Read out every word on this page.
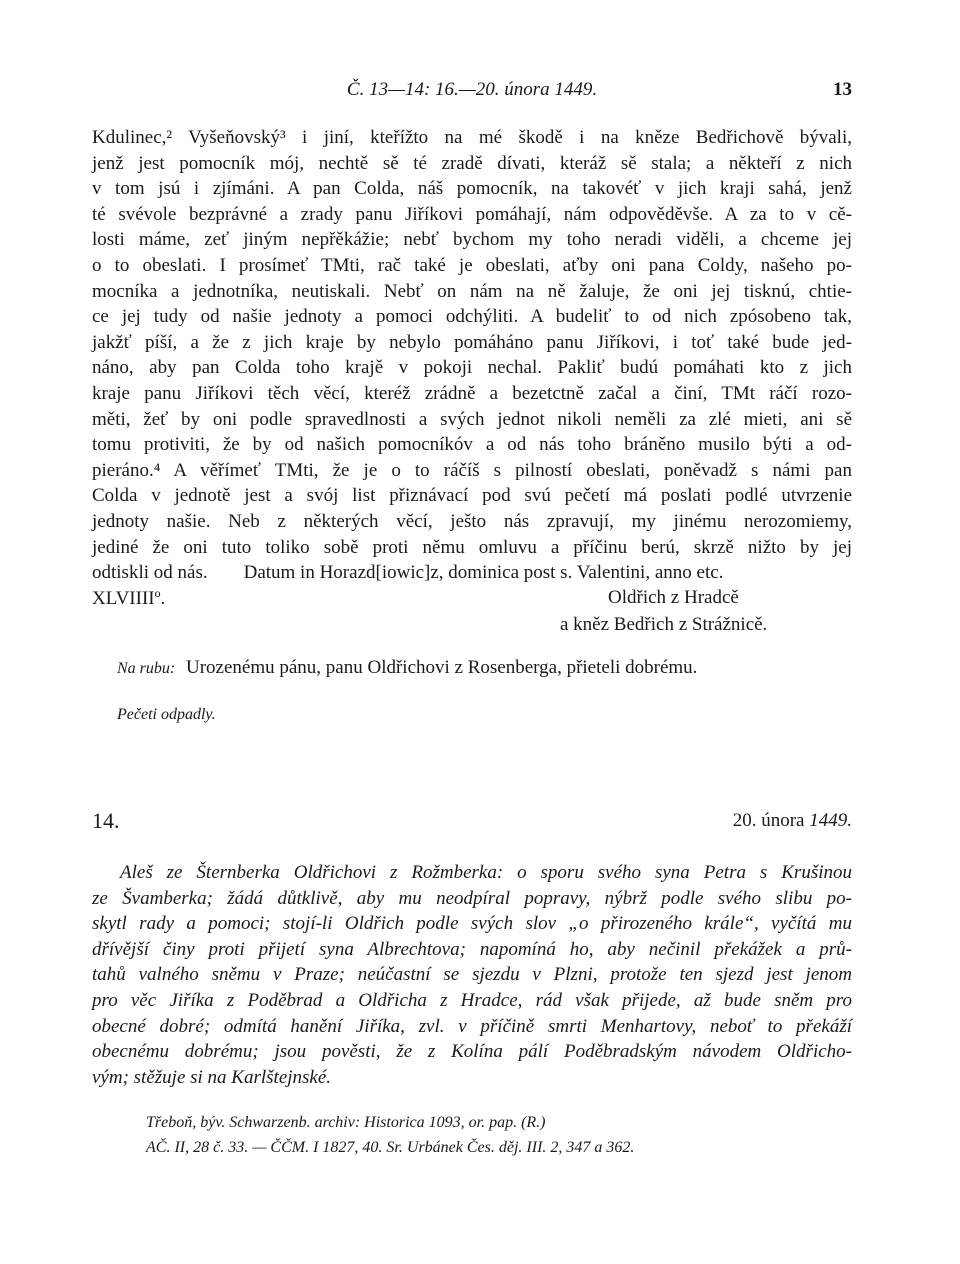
Č. 13—14: 16.—20. února 1449.	13
Kdulinec,² Vyšeňovský³ i jiní, kteřížto na mé škodě i na kněze Bedřichově bývali,
jenž jest pomocník mój, nechtě sě té zradě dívati, kteráž sě stala; a někteří z nich
v tom jsú i zjímáni. A pan Colda, náš pomocník, na takovéť v jich kraji sahá, jenž
té svévole bezprávné a zrady panu Jiříkovi pomáhají, nám odpověděvše. A za to v cě-
losti máme, zeť jiným nepřěkážie; nebť bychom my toho neradi viděli, a chceme jej
o to obeslati. I prosímeť TMti, rač také je obeslati, aťby oni pana Coldy, našeho po-
mocníka a jednotníka, neutiskali. Nebť on nám na ně žaluje, že oni jej tisknú, chtie-
ce jej tudy od našie jednoty a pomoci odchýliti. A budeliť to od nich zpósobeno tak,
jakžť píší, a že z jich kraje by nebylo pomáháno panu Jiříkovi, i toť také bude jed-
náno, aby pan Colda toho krajě v pokoji nechal. Pakliť budú pomáhati kto z jich
kraje panu Jiříkovi těch věcí, kteréž zrádně a bezetctně začal a činí, TMt ráčí rozo-
měti, žeť by oni podle spravedlnosti a svých jednot nikoli neměli za zlé mieti, ani sě
tomu protiviti, že by od našich pomocníkóv a od nás toho bráněno musilo býti a od-
pieráno.⁴ A věřímeť TMti, že je o to ráčíš s pilností obeslati, poněvadž s námi pan
Colda v jednotě jest a svój list přiznávací pod svú pečetí má poslati podlé utvrzenie
jednoty našie. Neb z některých věcí, ješto nás zpravují, my jinému nerozomiemy,
jediné že oni tuto toliko sobě proti němu omluvu a příčinu berú, skrzě nižto by jej
odtiskli od nás. Datum in Horazd[iowic]z, dominica post s. Valentini, anno etc.
XLVIIIIº.	Oldřich z Hradcě
a kněz Bedřich z Strážnicě.
Na rubu: Urozenému pánu, panu Oldřichovi z Rosenberga, přieteli dobrému.
Pečeti odpadly.
14.	20. února 1449.
Aleš ze Šternberka Oldřichovi z Rožmberka: o sporu svého syna Petra s Krušinou
ze Švamberka; žádá důtklivě, aby mu neodpíral popravy, nýbrž podle svého slibu po-
skytl rady a pomoci; stojí-li Oldřich podle svých slov „o přirozeného krále“, vyčítá mu
dřívější činy proti přijetí syna Albrechtova; napomíná ho, aby nečinil překážek a prů-
tahů valného sněmu v Praze; neúčastní se sjezdu v Plzni, protože ten sjezd jest jenom
pro věc Jiříka z Poděbrad a Oldřicha z Hradce, rád však přijede, až bude sněm pro
obecné dobré; odmítá hanění Jiříka, zvl. v příčině smrti Menhartovy, neboť to překáží
obecnému dobrému; jsou pověsti, že z Kolína pálí Poděbradským návodem Oldřicho-
vým; stěžuje si na Karlštejnské.
Třeboň, býv. Schwarzenb. archiv: Historica 1093, or. pap. (R.)
AČ. II, 28 č. 33. — ČČM. I 1827, 40. Sr. Urbánek Čes. děj. III. 2, 347 a 362.
